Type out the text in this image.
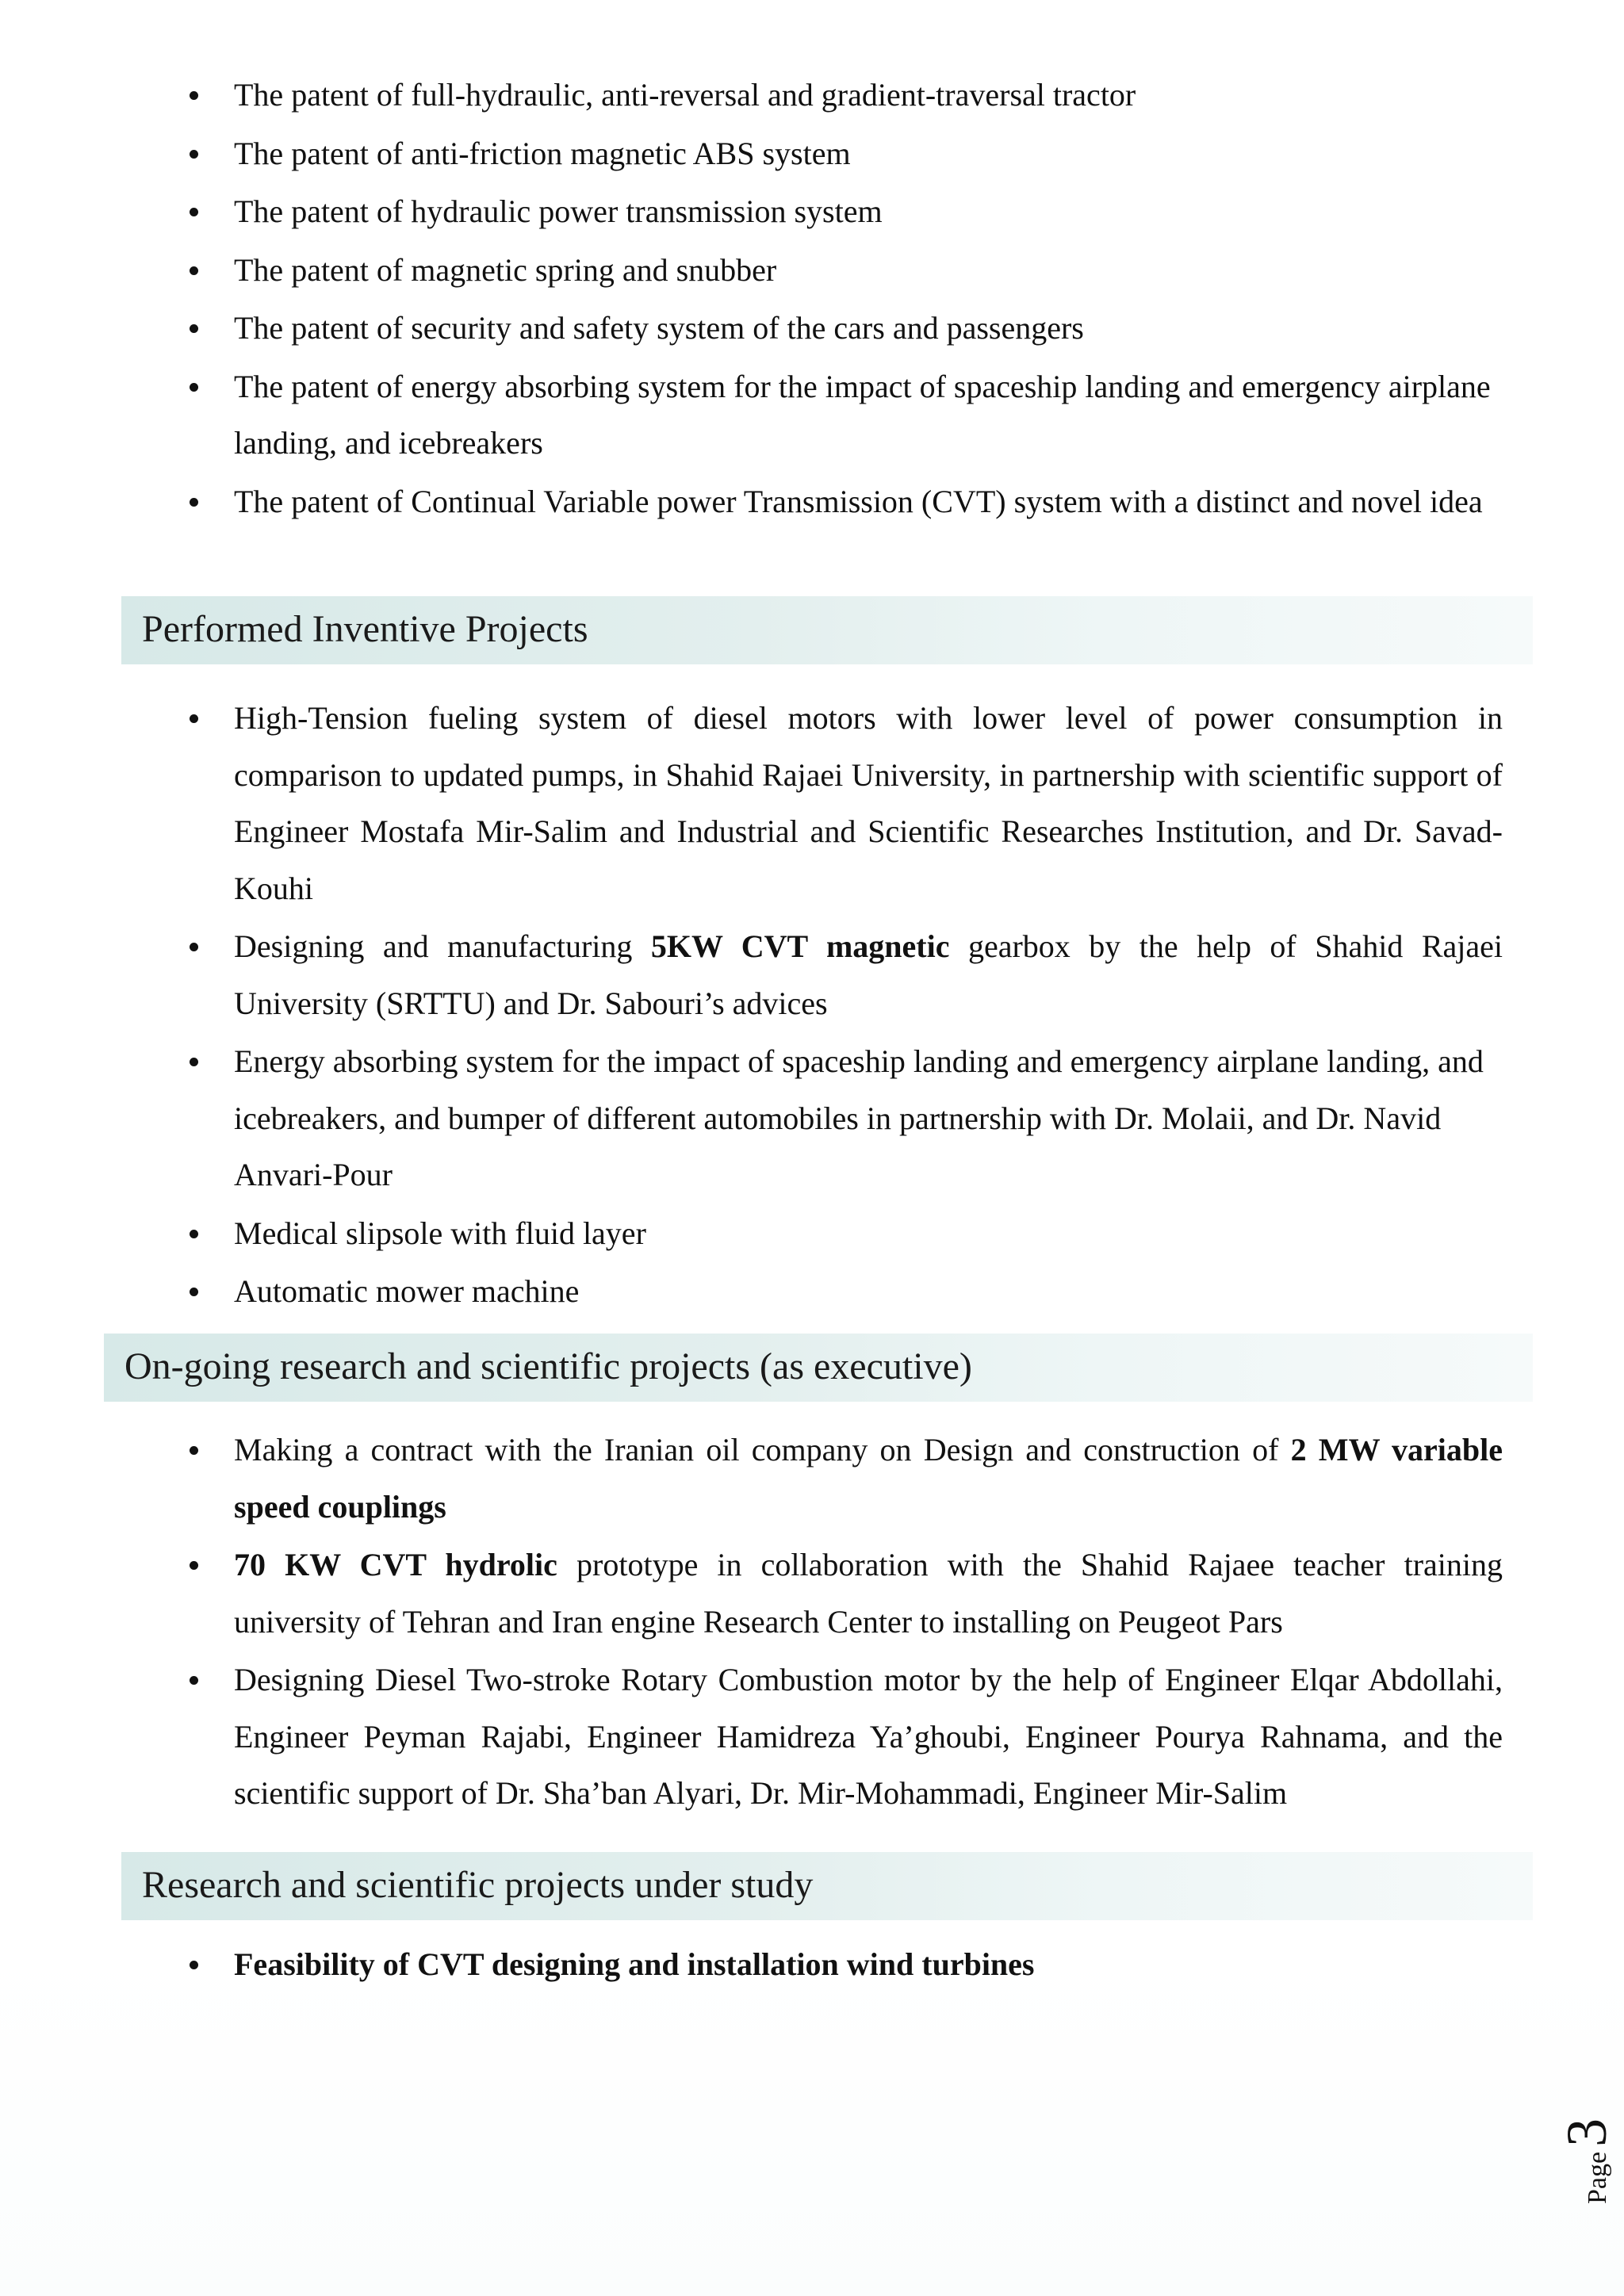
The patent of full-hydraulic, anti-reversal and gradient-traversal tractor
The patent of anti-friction magnetic ABS system
The patent of hydraulic power transmission system
The patent of magnetic spring and snubber
The patent of security and safety system of the cars and passengers
The patent of energy absorbing system for the impact of spaceship landing and emergency airplane landing, and icebreakers
The patent of Continual Variable power Transmission (CVT) system with a distinct and novel idea
Performed Inventive Projects
High-Tension fueling system of diesel motors with lower level of power consumption in comparison to updated pumps, in Shahid Rajaei University, in partnership with scientific support of Engineer Mostafa Mir-Salim and Industrial and Scientific Researches Institution, and Dr. Savad-Kouhi
Designing and manufacturing 5KW CVT magnetic gearbox by the help of Shahid Rajaei University (SRTTU) and Dr. Sabouri’s advices
Energy absorbing system for the impact of spaceship landing and emergency airplane landing, and icebreakers, and bumper of different automobiles in partnership with Dr. Molaii, and Dr. Navid Anvari-Pour
Medical slipsole with fluid layer
Automatic mower machine
On-going research and scientific projects (as executive)
Making a contract with the Iranian oil company on Design and construction of 2 MW variable speed couplings
70 KW CVT hydrolic prototype in collaboration with the Shahid Rajaee teacher training university of Tehran and Iran engine Research Center to installing on Peugeot Pars
Designing Diesel Two-stroke Rotary Combustion motor by the help of Engineer Elqar Abdollahi, Engineer Peyman Rajabi, Engineer Hamidreza Ya’ghoubi, Engineer Pourya Rahnama, and the scientific support of Dr. Sha’ban Alyari, Dr. Mir-Mohammadi, Engineer Mir-Salim
Research and scientific projects under study
Feasibility of CVT designing and installation wind turbines
Page3
